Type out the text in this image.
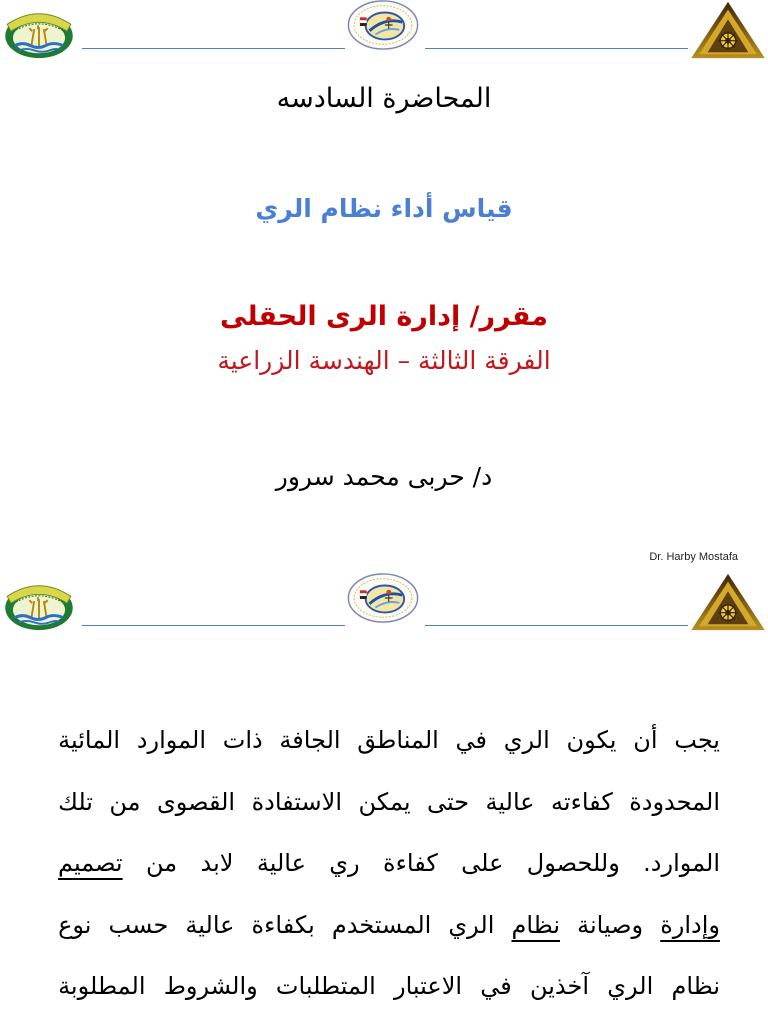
المحاضرة السادسه
قياس أداء نظام الري
مقرر/ إدارة الرى الحقلى
الفرقة الثالثة – الهندسة الزراعية
د/ حربى محمد سرور
Dr. Harby Mostafa
يجب
أن
يكون
الري
في
المناطق
الجافة
ذات
الموارد
المائية
المحدودة
كفاءته
عالية
حتى
يمكن
الاستفادة
القصوى
من
تلك
الموارد.
وللحصول
على
كفاءة
ري
عالية
لابد
من
تصميم
وإدارة
وصيانة
نظام
الري
المستخدم
بكفاءة
عالية
حسب
نوع
نظام
الري
آخذين
في
الاعتبار
المتطلبات
والشروط
المطلوبة
